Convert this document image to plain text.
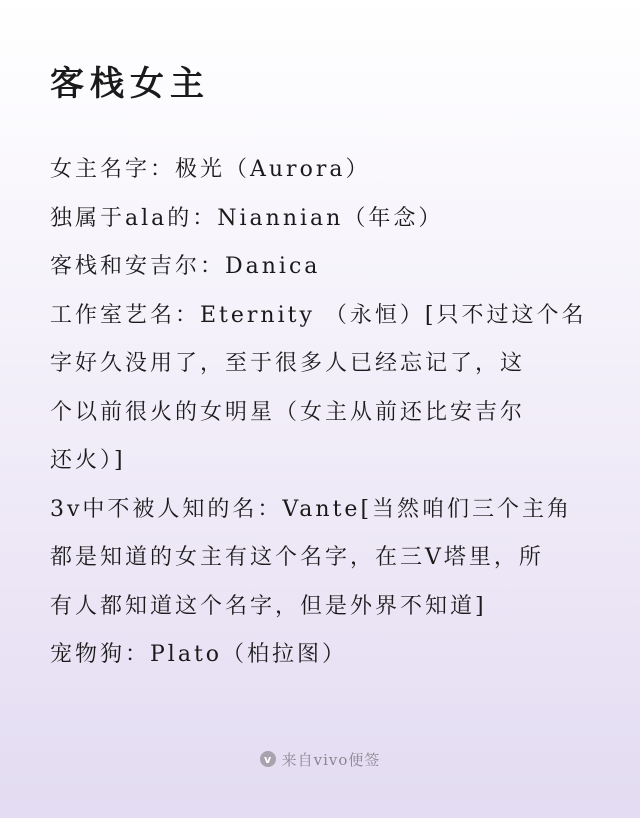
客栈女主
女主名字：极光（Aurora）
独属于ala的：Niannian（年念）
客栈和安吉尔：Danica
工作室艺名：Eternity （永恒）[只不过这个名
字好久没用了，至于很多人已经忘记了，这
个以前很火的女明星（女主从前还比安吉尔
还火）]
3v中不被人知的名：Vante[当然咱们三个主角
都是知道的女主有这个名字，在三V塔里，所
有人都知道这个名字，但是外界不知道]
宠物狗：Plato（柏拉图）
v 来自vivo便签
